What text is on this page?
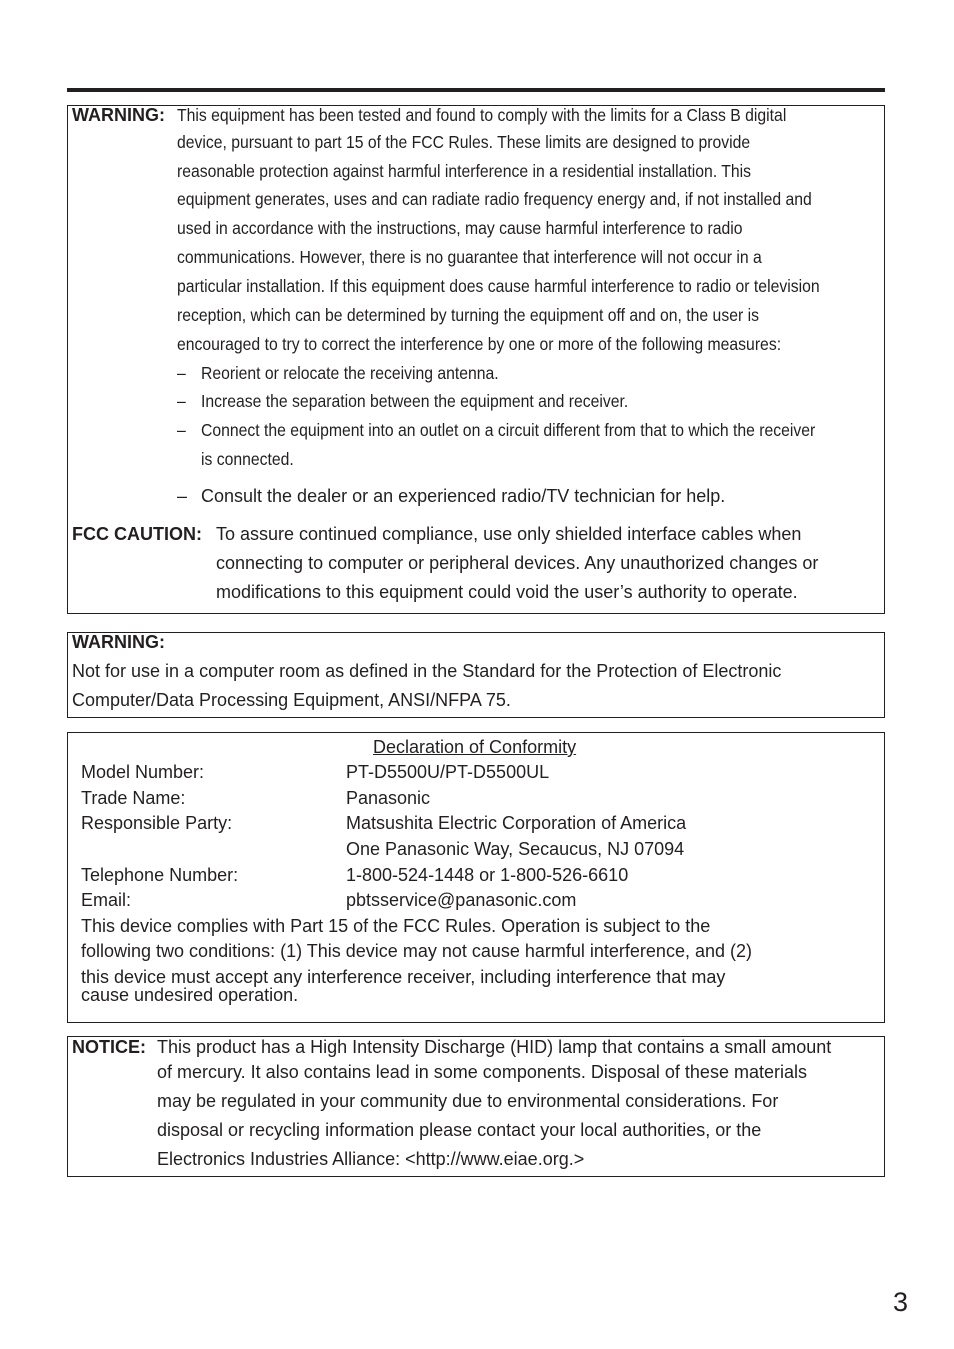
WARNING: This equipment has been tested and found to comply with the limits for a Class B digital
device, pursuant to part 15 of the FCC Rules. These limits are designed to provide
reasonable protection against harmful interference in a residential installation. This
equipment generates, uses and can radiate radio frequency energy and, if not installed and
used in accordance with the instructions, may cause harmful interference to radio
communications. However, there is no guarantee that interference will not occur in a
particular installation. If this equipment does cause harmful interference to radio or television
reception, which can be determined by turning the equipment off and on, the user is
encouraged to try to correct the interference by one or more of the following measures:
– Reorient or relocate the receiving antenna.
– Increase the separation between the equipment and receiver.
– Connect the equipment into an outlet on a circuit different from that to which the receiver
is connected.
– Consult the dealer or an experienced radio/TV technician for help.
FCC CAUTION: To assure continued compliance, use only shielded interface cables when
connecting to computer or peripheral devices. Any unauthorized changes or
modifications to this equipment could void the user’s authority to operate.
WARNING:
Not for use in a computer room as defined in the Standard for the Protection of Electronic
Computer/Data Processing Equipment, ANSI/NFPA 75.
Declaration of Conformity
Model Number:	PT-D5500U/PT-D5500UL
Trade Name:	Panasonic
Responsible Party:	Matsushita Electric Corporation of America
One Panasonic Way, Secaucus, NJ 07094
Telephone Number:	1-800-524-1448 or 1-800-526-6610
Email:	pbtsservice@panasonic.com
This device complies with Part 15 of the FCC Rules. Operation is subject to the
following two conditions: (1) This device may not cause harmful interference, and (2)
this device must accept any interference receiver, including interference that may
cause undesired operation.
NOTICE: This product has a High Intensity Discharge (HID) lamp that contains a small amount
of mercury. It also contains lead in some components. Disposal of these materials
may be regulated in your community due to environmental considerations. For
disposal or recycling information please contact your local authorities, or the
Electronics Industries Alliance: <http://www.eiae.org.>
3
